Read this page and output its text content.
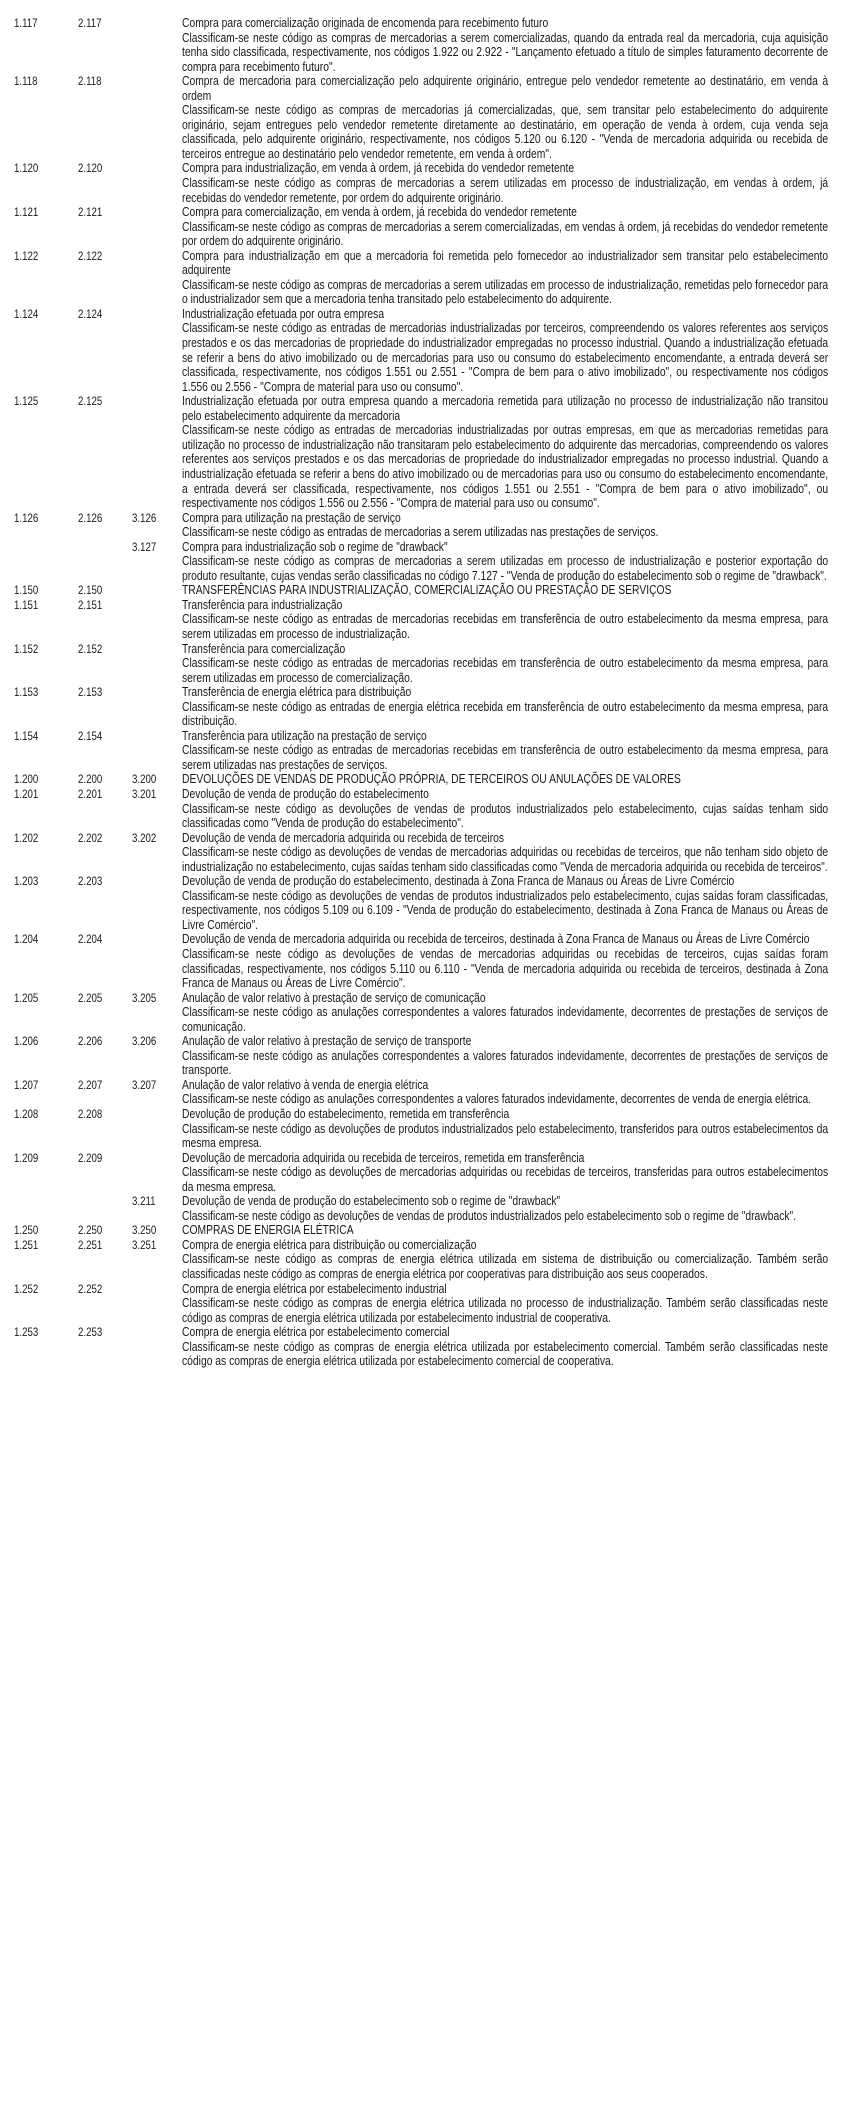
1.117	2.117	Compra para comercialização originada de encomenda para recebimento futuro
Classificam-se neste código as compras de mercadorias a serem comercializadas, quando da entrada real da mercadoria, cuja aquisição tenha sido classificada, respectivamente, nos códigos 1.922 ou 2.922 - "Lançamento efetuado a título de simples faturamento decorrente de compra para recebimento futuro".
1.118	2.118	Compra de mercadoria para comercialização pelo adquirente originário, entregue pelo vendedor remetente ao destinatário, em venda à ordem
Classificam-se neste código as compras de mercadorias já comercializadas, que, sem transitar pelo estabelecimento do adquirente originário, sejam entregues pelo vendedor remetente diretamente ao destinatário, em operação de venda à ordem, cuja venda seja classificada, pelo adquirente originário, respectivamente, nos códigos 5.120 ou 6.120 - "Venda de mercadoria adquirida ou recebida de terceiros entregue ao destinatário pelo vendedor remetente, em venda à ordem".
1.120	2.120	Compra para industrialização, em venda à ordem, já recebida do vendedor remetente
Classificam-se neste código as compras de mercadorias a serem utilizadas em processo de industrialização, em vendas à ordem, já recebidas do vendedor remetente, por ordem do adquirente originário.
1.121	2.121	Compra para comercialização, em venda à ordem, já recebida do vendedor remetente
Classificam-se neste código as compras de mercadorias a serem comercializadas, em vendas à ordem, já recebidas do vendedor remetente por ordem do adquirente originário.
1.122	2.122	Compra para industrialização em que a mercadoria foi remetida pelo fornecedor ao industrializador sem transitar pelo estabelecimento adquirente
Classificam-se neste código as compras de mercadorias a serem utilizadas em processo de industrialização, remetidas pelo fornecedor para o industrializador sem que a mercadoria tenha transitado pelo estabelecimento do adquirente.
1.124	2.124	Industrialização efetuada por outra empresa
Classificam-se neste código as entradas de mercadorias industrializadas por terceiros, compreendendo os valores referentes aos serviços prestados e os das mercadorias de propriedade do industrializador empregadas no processo industrial. Quando a industrialização efetuada se referir a bens do ativo imobilizado ou de mercadorias para uso ou consumo do estabelecimento encomendante, a entrada deverá ser classificada, respectivamente, nos códigos 1.551 ou 2.551 - "Compra de bem para o ativo imobilizado", ou respectivamente nos códigos 1.556 ou 2.556 - "Compra de material para uso ou consumo".
1.125	2.125	Industrialização efetuada por outra empresa quando a mercadoria remetida para utilização no processo de industrialização não transitou pelo estabelecimento adquirente da mercadoria
Classificam-se neste código as entradas de mercadorias industrializadas por outras empresas, em que as mercadorias remetidas para utilização no processo de industrialização não transitaram pelo estabelecimento do adquirente das mercadorias, compreendendo os valores referentes aos serviços prestados e os das mercadorias de propriedade do industrializador empregadas no processo industrial. Quando a industrialização efetuada se referir a bens do ativo imobilizado ou de mercadorias para uso ou consumo do estabelecimento encomendante, a entrada deverá ser classificada, respectivamente, nos códigos 1.551 ou 2.551 - "Compra de bem para o ativo imobilizado", ou respectivamente nos códigos 1.556 ou 2.556 - "Compra de material para uso ou consumo".
1.126	2.126	3.126	Compra para utilização na prestação de serviço
Classificam-se neste código as entradas de mercadorias a serem utilizadas nas prestações de serviços.
3.127	Compra para industrialização sob o regime de "drawback"
Classificam-se neste código as compras de mercadorias a serem utilizadas em processo de industrialização e posterior exportação do produto resultante, cujas vendas serão classificadas no código 7.127 - "Venda de produção do estabelecimento sob o regime de "drawback".
1.150	2.150	TRANSFERÊNCIAS PARA INDUSTRIALIZAÇÃO, COMERCIALIZAÇÃO OU PRESTAÇÃO DE SERVIÇOS
1.151	2.151	Transferência para industrialização
Classificam-se neste código as entradas de mercadorias recebidas em transferência de outro estabelecimento da mesma empresa, para serem utilizadas em processo de industrialização.
1.152	2.152	Transferência para comercialização
Classificam-se neste código as entradas de mercadorias recebidas em transferência de outro estabelecimento da mesma empresa, para serem utilizadas em processo de comercialização.
1.153	2.153	Transferência de energia elétrica para distribuição
Classificam-se neste código as entradas de energia elétrica recebida em transferência de outro estabelecimento da mesma empresa, para distribuição.
1.154	2.154	Transferência para utilização na prestação de serviço
Classificam-se neste código as entradas de mercadorias recebidas em transferência de outro estabelecimento da mesma empresa, para serem utilizadas nas prestações de serviços.
1.200	2.200	3.200	DEVOLUÇÕES DE VENDAS DE PRODUÇÃO PRÓPRIA, DE TERCEIROS OU ANULAÇÕES DE VALORES
1.201	2.201	3.201	Devolução de venda de produção do estabelecimento
Classificam-se neste código as devoluções de vendas de produtos industrializados pelo estabelecimento, cujas saídas tenham sido classificadas como "Venda de produção do estabelecimento".
1.202	2.202	3.202	Devolução de venda de mercadoria adquirida ou recebida de terceiros
Classificam-se neste código as devoluções de vendas de mercadorias adquiridas ou recebidas de terceiros, que não tenham sido objeto de industrialização no estabelecimento, cujas saídas tenham sido classificadas como "Venda de mercadoria adquirida ou recebida de terceiros".
1.203	2.203	Devolução de venda de produção do estabelecimento, destinada à Zona Franca de Manaus ou Áreas de Livre Comércio
Classificam-se neste código as devoluções de vendas de produtos industrializados pelo estabelecimento, cujas saídas foram classificadas, respectivamente, nos códigos 5.109 ou 6.109 - "Venda de produção do estabelecimento, destinada à Zona Franca de Manaus ou Áreas de Livre Comércio".
1.204	2.204	Devolução de venda de mercadoria adquirida ou recebida de terceiros, destinada à Zona Franca de Manaus ou Áreas de Livre Comércio
Classificam-se neste código as devoluções de vendas de mercadorias adquiridas ou recebidas de terceiros, cujas saídas foram classificadas, respectivamente, nos códigos 5.110 ou 6.110 - "Venda de mercadoria adquirida ou recebida de terceiros, destinada à Zona Franca de Manaus ou Áreas de Livre Comércio".
1.205	2.205	3.205	Anulação de valor relativo à prestação de serviço de comunicação
Classificam-se neste código as anulações correspondentes a valores faturados indevidamente, decorrentes de prestações de serviços de comunicação.
1.206	2.206	3.206	Anulação de valor relativo à prestação de serviço de transporte
Classificam-se neste código as anulações correspondentes a valores faturados indevidamente, decorrentes de prestações de serviços de transporte.
1.207	2.207	3.207	Anulação de valor relativo à venda de energia elétrica
Classificam-se neste código as anulações correspondentes a valores faturados indevidamente, decorrentes de venda de energia elétrica.
1.208	2.208	Devolução de produção do estabelecimento, remetida em transferência
Classificam-se neste código as devoluções de produtos industrializados pelo estabelecimento, transferidos para outros estabelecimentos da mesma empresa.
1.209	2.209	Devolução de mercadoria adquirida ou recebida de terceiros, remetida em transferência
Classificam-se neste código as devoluções de mercadorias adquiridas ou recebidas de terceiros, transferidas para outros estabelecimentos da mesma empresa.
3.211	Devolução de venda de produção do estabelecimento sob o regime de "drawback"
Classificam-se neste código as devoluções de vendas de produtos industrializados pelo estabelecimento sob o regime de "drawback".
1.250	2.250	3.250	COMPRAS DE ENERGIA ELÉTRICA
1.251	2.251	3.251	Compra de energia elétrica para distribuição ou comercialização
Classificam-se neste código as compras de energia elétrica utilizada em sistema de distribuição ou comercialização. Também serão classificadas neste código as compras de energia elétrica por cooperativas para distribuição aos seus cooperados.
1.252	2.252	Compra de energia elétrica por estabelecimento industrial
Classificam-se neste código as compras de energia elétrica utilizada no processo de industrialização. Também serão classificadas neste código as compras de energia elétrica utilizada por estabelecimento industrial de cooperativa.
1.253	2.253	Compra de energia elétrica por estabelecimento comercial
Classificam-se neste código as compras de energia elétrica utilizada por estabelecimento comercial. Também serão classificadas neste código as compras de energia elétrica utilizada por estabelecimento comercial de cooperativa.
